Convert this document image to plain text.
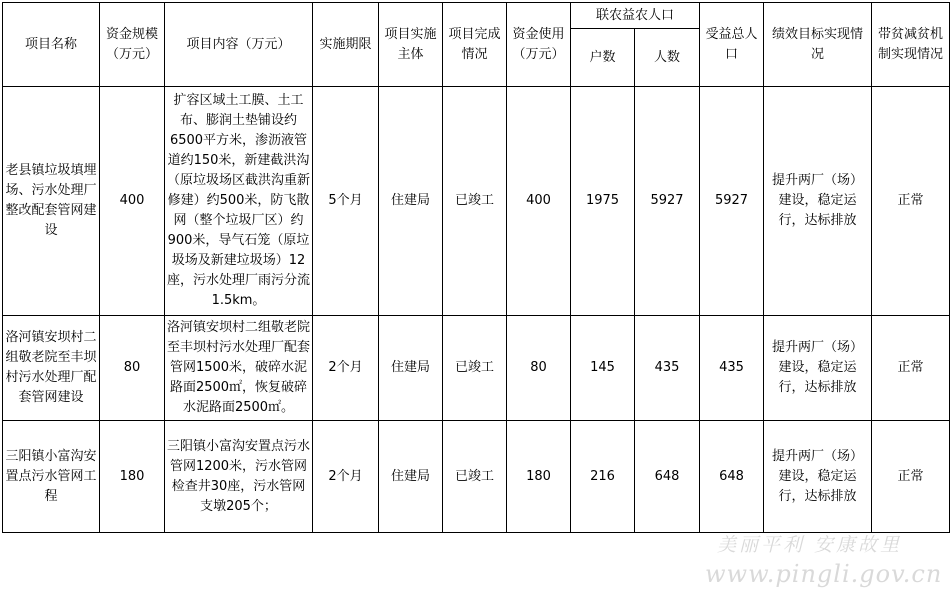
项目名称	资金规模（万元）	项目内容（万元）	实施期限	项目实施主体	项目完成情况	资金使用（万元）	联农益农人口		受益总人口	绩效目标实现情况	带贫减贫机制实现情况
							户数	人数			
老县镇垃圾填埋场、污水处理厂整改配套管网建设	400	扩容区域土工膜、土工布、膨润土垫铺设约6500平方米，渗沥液管道约150米，新建截洪沟（原垃圾场区截洪沟重新修建）约500米，防飞散网（整个垃圾厂区）约900米，导气石笼（原垃圾场及新建垃圾场）12座，污水处理厂雨污分流1.5km。	5个月	住建局	已竣工	400	1975	5927	5927	提升两厂（场）建设，稳定运行，达标排放	正常
洛河镇安坝村二组敬老院至丰坝村污水处理厂配套管网建设	80	洛河镇安坝村二组敬老院至丰坝村污水处理厂配套管网1500米，破碎水泥路面2500㎡，恢复破碎水泥路面2500㎡。	2个月	住建局	已竣工	80	145	435	435	提升两厂（场）建设，稳定运行，达标排放	正常
三阳镇小富沟安置点污水管网工程	180	三阳镇小富沟安置点污水管网1200米，污水管网检查井30座，污水管网支墩205个；	2个月	住建局	已竣工	180	216	648	648	提升两厂（场）建设，稳定运行，达标排放	正常
美丽平利 安康故里
www.pingli.gov.cn
